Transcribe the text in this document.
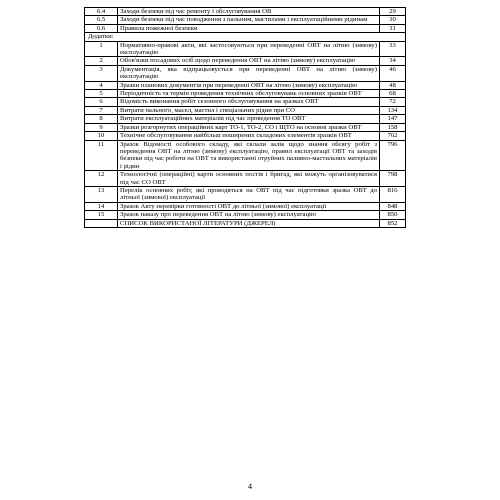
6.4	Заходи безпеки під час ремонту і обслуговування ОВ	29
6.5	Заходи безпеки під час поводження з пальним, мастилами і експлуатаційними рідинам	30
6.6	Правила пожежної безпеки	31
Додатки:		
1	Нормативно-правові акти, які застосовуються при переведенні ОВТ на літню (зимову) експлуатацію	33
2	Обов'язки посадових осіб щодо переведення ОВТ на літню (зимову) експлуатацію	34
3	Документація, яка відпрацьовується при переведенні ОВТ на літню (зимову) експлуатацію	46
4	Зразки планових документів при переведенні ОВТ на літню (зимову) експлуатацію	48
5	Періодичність та термін проведення технічних обслуговувань основних зразків ОВТ	68
6	Відомість виконання робіт сезонного обслуговування на зразках ОВТ	72
7	Витрати пального, масел, мастил і спеціальних рідин при СО	134
8	Витрати експлуатаційних матеріалів під час проведення ТО ОВТ	147
9	Зразки розгорнутих операційних карт ТО-1, ТО-2, СО і ЩТО на основні зразки ОВТ	158
10	Технічне обслуговування найбільш поширених складових елементів зразків ОВТ	762
11	Зразок Відомості особового складу, які склали залік щодо знання обсягу робіт з переведення ОВТ на літню (зимову) експлуатацію, правил експлуатації ОВТ та заходів безпеки під час роботи на ОВТ та використанні отруйних паливно-мастильних матеріалів і рідин	796
12	Технологічні (операційні) карти основних постів і бригад, які можуть організовуватися під час СО ОВТ	798
13	Перелік основних робіт, які проводяться на ОВТ під час підготовки зразка ОВТ до літньої (зимової) експлуатації	816
14	Зразок Акту перевірки готовності ОВТ до літньої (зимової) експлуатації	848
15	Зразок наказу про переведення ОВТ на літню (зимову) експлуатацію	850
	СПИСОК ВИКОРИСТАНОЇ ЛІТЕРАТУРИ (ДЖЕРЕЛ)	852
4
